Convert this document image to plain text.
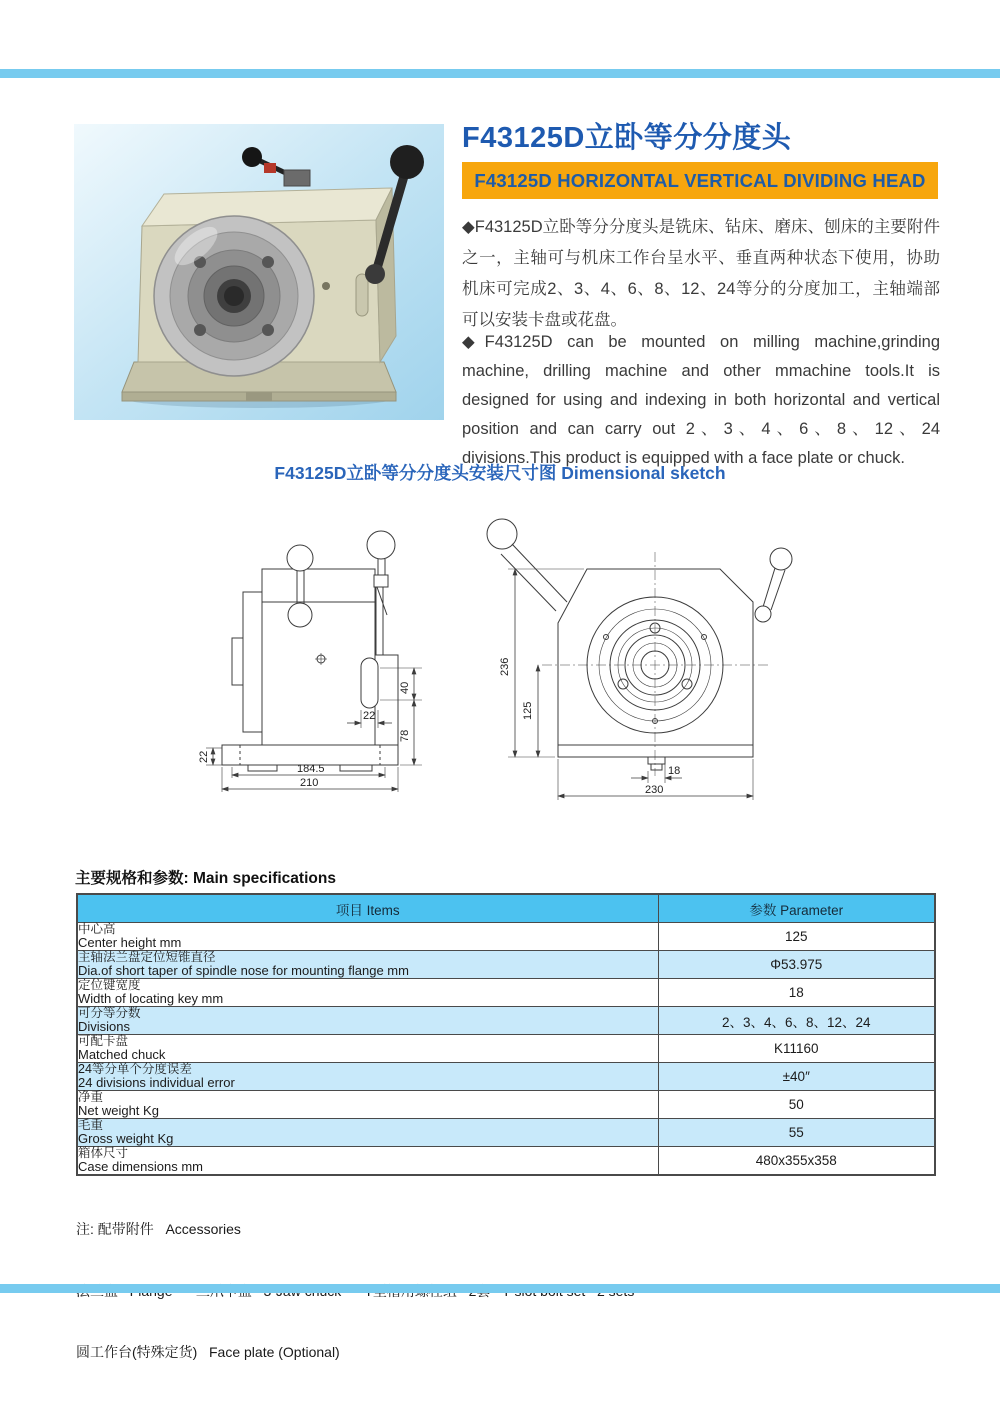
F43125D立卧等分分度头
F43125D HORIZONTAL VERTICAL DIVIDING HEAD

◆F43125D立卧等分分度头是铣床、钻床、磨床、刨床的主要附件之一，主轴可与机床工作台呈水平、垂直两种状态下使用，协助机床可完成2、3、4、6、8、12、24等分的分度加工，主轴端部可以安装卡盘或花盘。

◆F43125D can be mounted on milling machine,grinding machine, drilling machine and other mmachine tools.It is designed for using and indexing in both horizontal and vertical position and can carry out 2、3、4、6、8、12、24 divisions.This product is equipped with a face plate or chuck.

F43125D立卧等分分度头安装尺寸图 Dimensional sketch
40
78
22
22
184.5
210
236
125
18
230
主要规格和参数: Main specifications
项目 Items	参数 Parameter

中心高
Center height mm	125

主轴法兰盘定位短锥直径
Dia.of short taper of spindle nose for mounting flange mm	Φ53.975

定位键宽度
Width of locating key mm	18

可分等分数
Divisions	2、3、4、6、8、12、24

可配卡盘
Matched chuck	K11160

24等分单个分度误差
24 divisions individual error	±40″

净重
Net weight Kg	50

毛重
Gross weight Kg	55

箱体尺寸
Case dimensions mm	480x355x358

注: 配带附件   Accessories

圆工作台(特殊定货)   Face plate (Optional)
